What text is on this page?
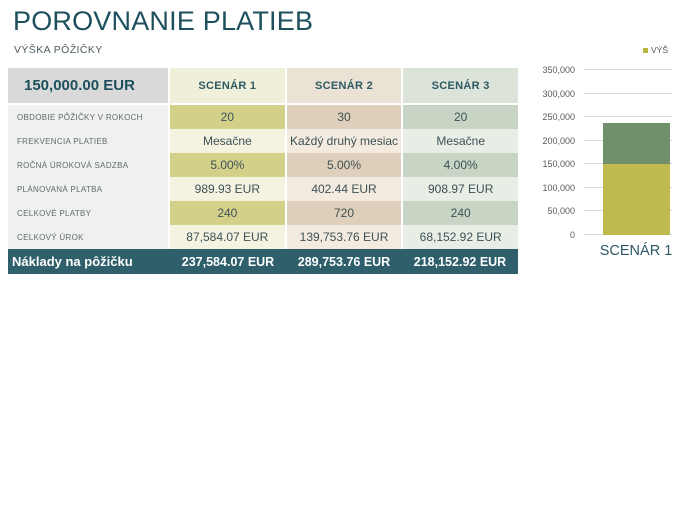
POROVNANIE PLATIEB
VÝŠKA PÔŽIČKY
150,000.00 EUR	SCENÁR 1	SCENÁR 2	SCENÁR 3
OBDOBIE PÔŽIČKY V ROKOCH	20	30	20
FREKVENCIA PLATIEB	Mesačne	Každý druhý mesiac	Mesačne
ROČNÁ ÚROKOVÁ SADZBA	5.00%	5.00%	4.00%
PLÁNOVANÁ PLATBA	989.93 EUR	402.44 EUR	908.97 EUR
CELKOVÉ PLATBY	240	720	240
CELKOVÝ ÚROK	87,584.07 EUR	139,753.76 EUR	68,152.92 EUR
Náklady na pôžičku	237,584.07 EUR	289,753.76 EUR	218,152.92 EUR
VÝŠ
0
50,000
100,000
150,000
200,000
250,000
300,000
350,000
SCENÁR 1
